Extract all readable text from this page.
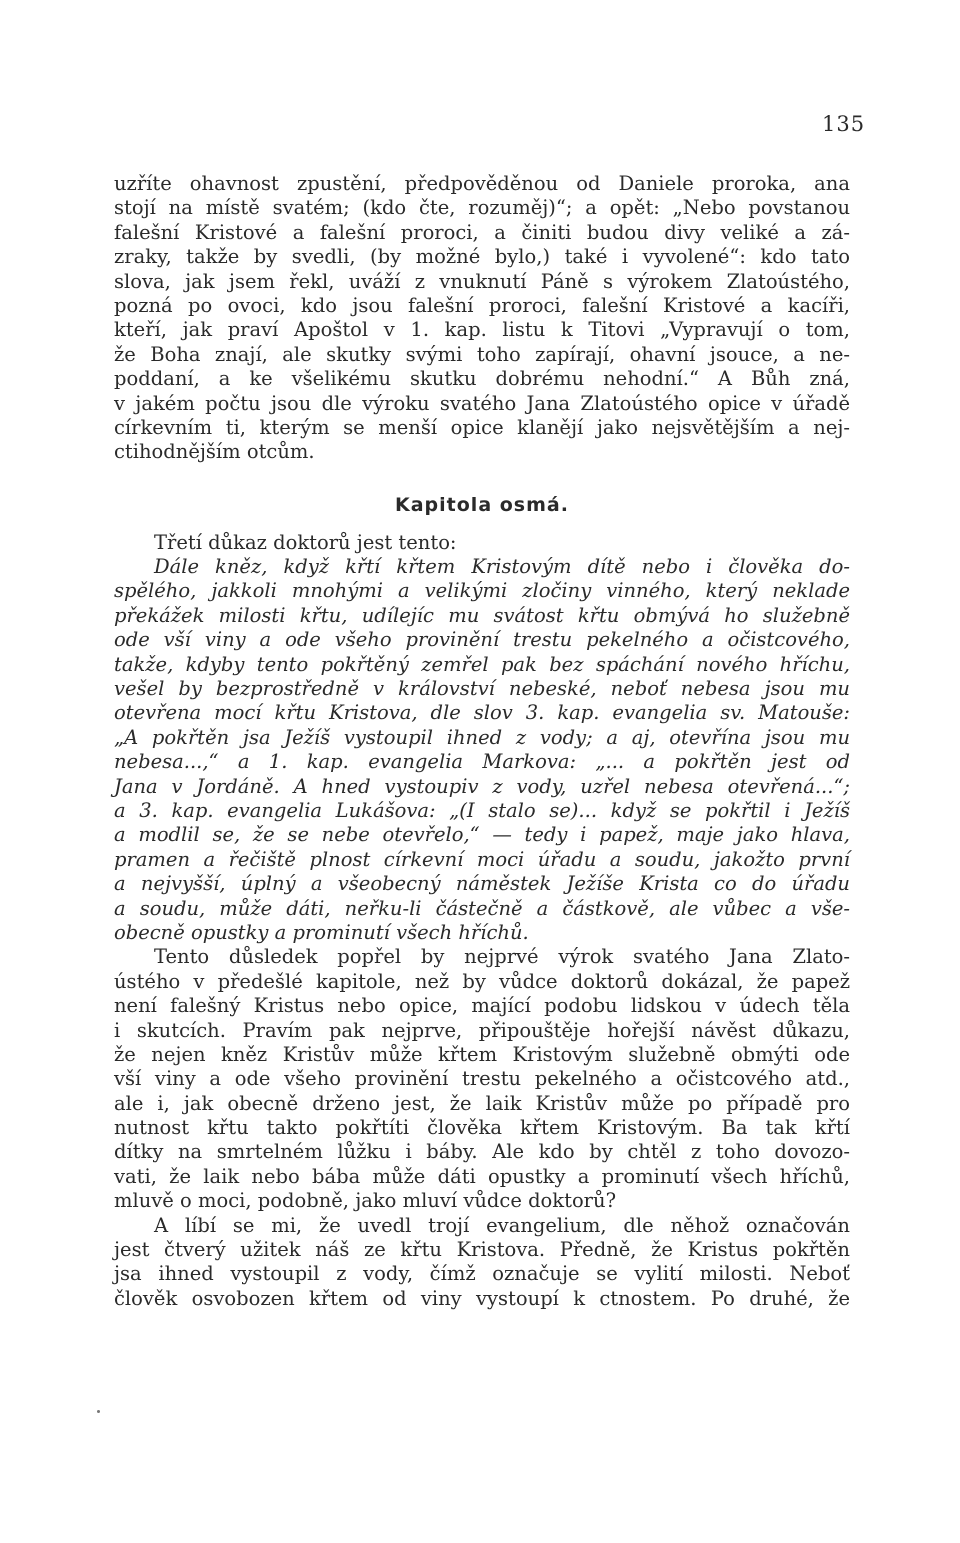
135
uzříte ohavnost zpustění, předpověděnou od Daniele proroka, ana
stojí na místě svatém; (kdo čte, rozuměj)“; a opět: „Nebo povstanou
falešní Kristové a falešní proroci, a činiti budou divy veliké a zá-
zraky, takže by svedli, (by možné bylo,) také i vyvolené“: kdo tato
slova, jak jsem řekl, uváží z vnuknutí Páně s výrokem Zlatoústého,
pozná po ovoci, kdo jsou falešní proroci, falešní Kristové a kacíři,
kteří, jak praví Apoštol v 1. kap. listu k Titovi „Vypravují o tom,
že Boha znají, ale skutky svými toho zapírají, ohavní jsouce, a ne-
poddaní, a ke všelikému skutku dobrému nehodní.“ A Bůh zná,
v jakém počtu jsou dle výroku svatého Jana Zlatoústého opice v úřadě
církevním ti, kterým se menší opice klanějí jako nejsvětějším a nej-
ctihodnějším otcům.
Kapitola osmá.
Třetí důkaz doktorů jest tento:
Dále kněz, když křtí křtem Kristovým dítě nebo i člověka do-
spělého, jakkoli mnohými a velikými zločiny vinného, který neklade
překážek milosti křtu, udílejíc mu svátost křtu obmývá ho služebně
ode vší viny a ode všeho provinění trestu pekelného a očistcového,
takže, kdyby tento pokřtěný zemřel pak bez spáchání nového hříchu,
vešel by bezprostředně v království nebeské, neboť nebesa jsou mu
otevřena mocí křtu Kristova, dle slov 3. kap. evangelia sv. Matouše:
„A pokřtěn jsa Ježíš vystoupil ihned z vody; a aj, otevřína jsou mu
nebesa...,“ a 1. kap. evangelia Markova: „... a pokřtěn jest od
Jana v Jordáně. A hned vystoupiv z vody, uzřel nebesa otevřená...“;
a 3. kap. evangelia Lukášova: „(I stalo se)... když se pokřtil i Ježíš
a modlil se, že se nebe otevřelo,“ — tedy i papež, maje jako hlava,
pramen a řečiště plnost církevní moci úřadu a soudu, jakožto první
a nejvyšší, úplný a všeobecný náměstek Ježíše Krista co do úřadu
a soudu, může dáti, neřku-li částečně a částkově, ale vůbec a vše-
obecně opustky a prominutí všech hříchů.
Tento důsledek popřel by nejprvé výrok svatého Jana Zlato-
ústého v předešlé kapitole, než by vůdce doktorů dokázal, že papež
není falešný Kristus nebo opice, mající podobu lidskou v údech těla
i skutcích. Pravím pak nejprve, připouštěje hořejší návěst důkazu,
že nejen kněz Kristův může křtem Kristovým služebně obmýti ode
vší viny a ode všeho provinění trestu pekelného a očistcového atd.,
ale i, jak obecně drženo jest, že laik Kristův může po případě pro
nutnost křtu takto pokřtíti člověka křtem Kristovým. Ba tak křtí
dítky na smrtelném lůžku i báby. Ale kdo by chtěl z toho dovozo-
vati, že laik nebo bába může dáti opustky a prominutí všech hříchů,
mluvě o moci, podobně, jako mluví vůdce doktorů?
A líbí se mi, že uvedl trojí evangelium, dle něhož označován
jest čtverý užitek náš ze křtu Kristova. Předně, že Kristus pokřtěn
jsa ihned vystoupil z vody, čímž označuje se vylití milosti. Neboť
člověk osvobozen křtem od viny vystoupí k ctnostem. Po druhé, že
